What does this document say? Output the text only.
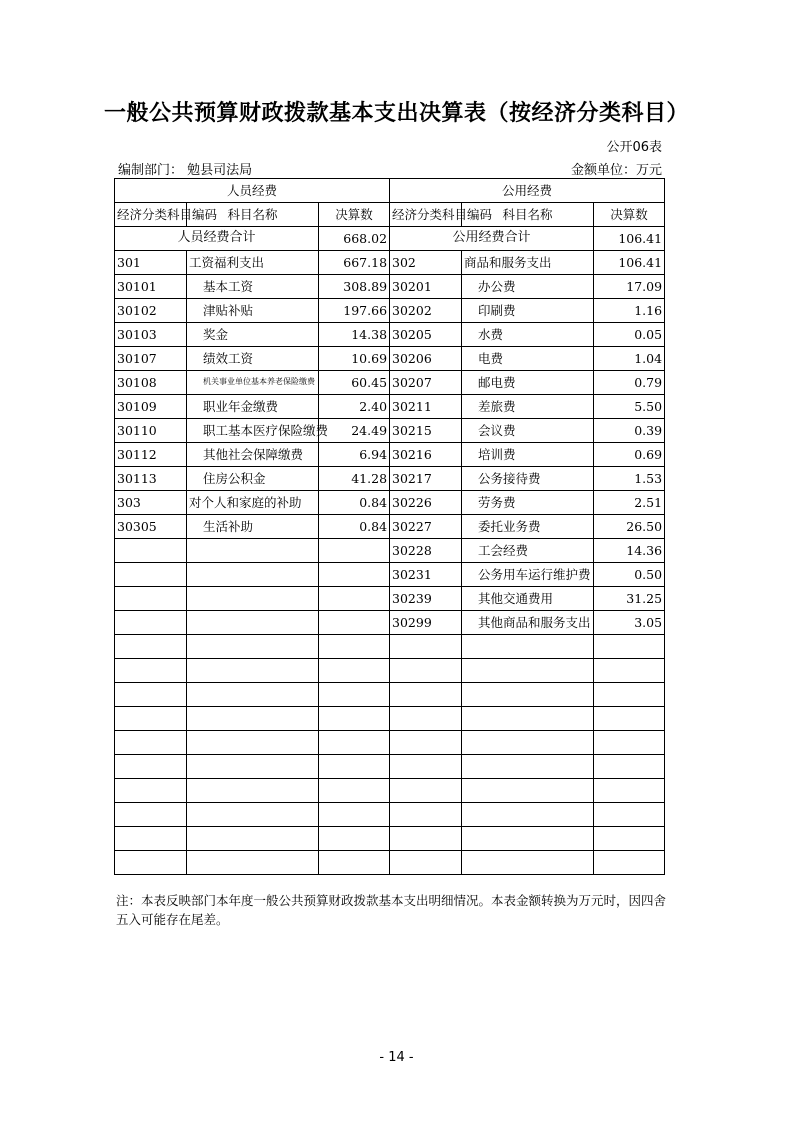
一般公共预算财政拨款基本支出决算表（按经济分类科目）
公开06表
编制部门： 勉县司法局	金额单位：万元
人员经费			公用经费		
经济分类科目编码	科目名称	决算数	经济分类科目编码	科目名称	决算数
人员经费合计		668.02	公用经费合计		106.41
301	工资福利支出	667.18	302	商品和服务支出	106.41
30101	基本工资	308.89	30201	办公费	17.09
30102	津贴补贴	197.66	30202	印刷费	1.16
30103	奖金	14.38	30205	水费	0.05
30107	绩效工资	10.69	30206	电费	1.04
30108	机关事业单位基本养老保险缴费	60.45	30207	邮电费	0.79
30109	职业年金缴费	2.40	30211	差旅费	5.50
30110	职工基本医疗保险缴费	24.49	30215	会议费	0.39
30112	其他社会保障缴费	6.94	30216	培训费	0.69
30113	住房公积金	41.28	30217	公务接待费	1.53
303	对个人和家庭的补助	0.84	30226	劳务费	2.51
30305	生活补助	0.84	30227	委托业务费	26.50
			30228	工会经费	14.36
			30231	公务用车运行维护费	0.50
			30239	其他交通费用	31.25
			30299	其他商品和服务支出	3.05

注：本表反映部门本年度一般公共预算财政拨款基本支出明细情况。本表金额转换为万元时，因四舍五入可能存在尾差。
- 14 -
